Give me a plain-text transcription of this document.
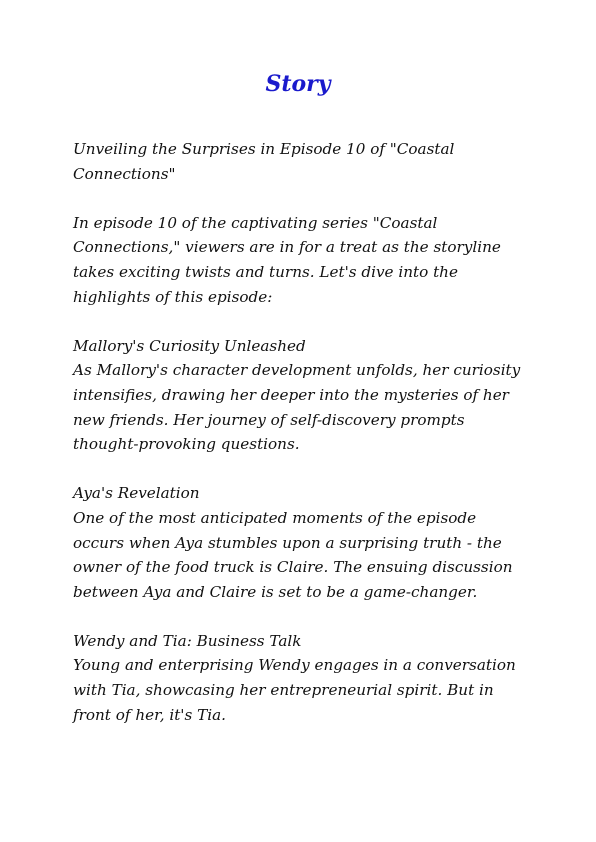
Story

Unveiling the Surprises in Episode 10 of "Coastal Connections"

In episode 10 of the captivating series "Coastal Connections," viewers are in for a treat as the storyline takes exciting twists and turns. Let's dive into the highlights of this episode:

Mallory's Curiosity Unleashed
As Mallory's character development unfolds, her curiosity intensifies, drawing her deeper into the mysteries of her new friends. Her journey of self-discovery prompts thought-provoking questions.

Aya's Revelation
One of the most anticipated moments of the episode occurs when Aya stumbles upon a surprising truth - the owner of the food truck is Claire. The ensuing discussion between Aya and Claire is set to be a game-changer.

Wendy and Tia: Business Talk
Young and enterprising Wendy engages in a conversation with Tia, showcasing her entrepreneurial spirit. But in front of her, it's Tia.
